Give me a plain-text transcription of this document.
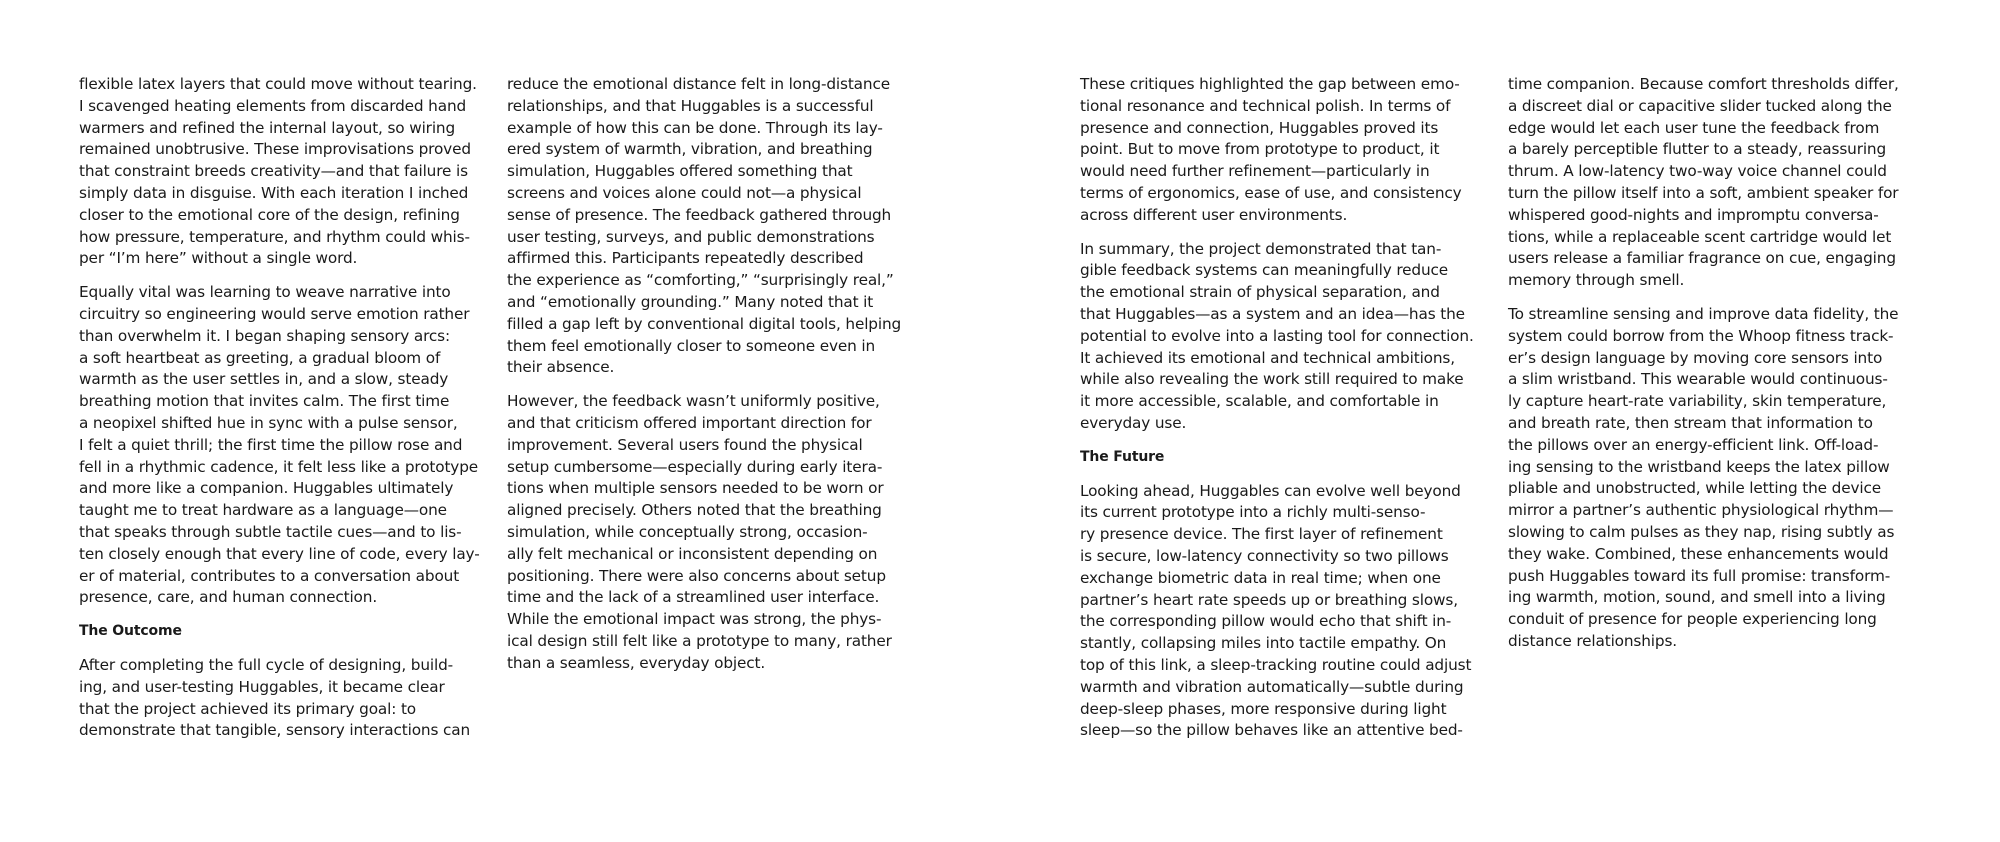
flexible latex layers that could move without tearing.
I scavenged heating elements from discarded hand
warmers and refined the internal layout, so wiring
remained unobtrusive. These improvisations proved
that constraint breeds creativity—and that failure is
simply data in disguise. With each iteration I inched
closer to the emotional core of the design, refining
how pressure, temperature, and rhythm could whis-
per “I’m here” without a single word.

Equally vital was learning to weave narrative into
circuitry so engineering would serve emotion rather
than overwhelm it. I began shaping sensory arcs:
a soft heartbeat as greeting, a gradual bloom of
warmth as the user settles in, and a slow, steady
breathing motion that invites calm. The first time
a neopixel shifted hue in sync with a pulse sensor,
I felt a quiet thrill; the first time the pillow rose and
fell in a rhythmic cadence, it felt less like a prototype
and more like a companion. Huggables ultimately
taught me to treat hardware as a language—one
that speaks through subtle tactile cues—and to lis-
ten closely enough that every line of code, every lay-
er of material, contributes to a conversation about
presence, care, and human connection.

The Outcome

After completing the full cycle of designing, build-
ing, and user-testing Huggables, it became clear
that the project achieved its primary goal: to
demonstrate that tangible, sensory interactions can

reduce the emotional distance felt in long-distance
relationships, and that Huggables is a successful
example of how this can be done. Through its lay-
ered system of warmth, vibration, and breathing
simulation, Huggables offered something that
screens and voices alone could not—a physical
sense of presence. The feedback gathered through
user testing, surveys, and public demonstrations
affirmed this. Participants repeatedly described
the experience as “comforting,” “surprisingly real,”
and “emotionally grounding.” Many noted that it
filled a gap left by conventional digital tools, helping
them feel emotionally closer to someone even in
their absence.

However, the feedback wasn’t uniformly positive,
and that criticism offered important direction for
improvement. Several users found the physical
setup cumbersome—especially during early itera-
tions when multiple sensors needed to be worn or
aligned precisely. Others noted that the breathing
simulation, while conceptually strong, occasion-
ally felt mechanical or inconsistent depending on
positioning. There were also concerns about setup
time and the lack of a streamlined user interface.
While the emotional impact was strong, the phys-
ical design still felt like a prototype to many, rather
than a seamless, everyday object.

These critiques highlighted the gap between emo-
tional resonance and technical polish. In terms of
presence and connection, Huggables proved its
point. But to move from prototype to product, it
would need further refinement—particularly in
terms of ergonomics, ease of use, and consistency
across different user environments.

In summary, the project demonstrated that tan-
gible feedback systems can meaningfully reduce
the emotional strain of physical separation, and
that Huggables—as a system and an idea—has the
potential to evolve into a lasting tool for connection.
It achieved its emotional and technical ambitions,
while also revealing the work still required to make
it more accessible, scalable, and comfortable in
everyday use.

The Future

Looking ahead, Huggables can evolve well beyond
its current prototype into a richly multi-senso-
ry presence device. The first layer of refinement
is secure, low-latency connectivity so two pillows
exchange biometric data in real time; when one
partner’s heart rate speeds up or breathing slows,
the corresponding pillow would echo that shift in-
stantly, collapsing miles into tactile empathy. On
top of this link, a sleep-tracking routine could adjust
warmth and vibration automatically—subtle during
deep-sleep phases, more responsive during light
sleep—so the pillow behaves like an attentive bed-

time companion. Because comfort thresholds differ,
a discreet dial or capacitive slider tucked along the
edge would let each user tune the feedback from
a barely perceptible flutter to a steady, reassuring
thrum. A low-latency two-way voice channel could
turn the pillow itself into a soft, ambient speaker for
whispered good-nights and impromptu conversa-
tions, while a replaceable scent cartridge would let
users release a familiar fragrance on cue, engaging
memory through smell.

To streamline sensing and improve data fidelity, the
system could borrow from the Whoop fitness track-
er’s design language by moving core sensors into
a slim wristband. This wearable would continuous-
ly capture heart-rate variability, skin temperature,
and breath rate, then stream that information to
the pillows over an energy-efficient link. Off-load-
ing sensing to the wristband keeps the latex pillow
pliable and unobstructed, while letting the device
mirror a partner’s authentic physiological rhythm—
slowing to calm pulses as they nap, rising subtly as
they wake. Combined, these enhancements would
push Huggables toward its full promise: transform-
ing warmth, motion, sound, and smell into a living
conduit of presence for people experiencing long
distance relationships.
